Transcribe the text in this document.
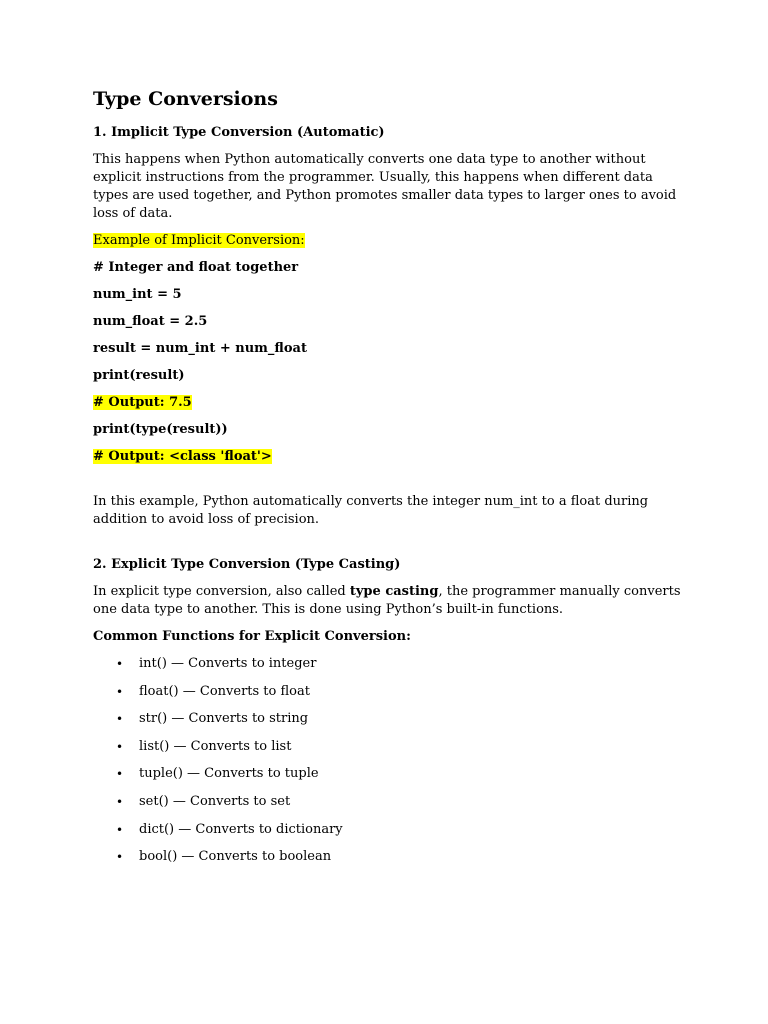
Type Conversions
1. Implicit Type Conversion (Automatic)
This happens when Python automatically converts one data type to another without explicit instructions from the programmer. Usually, this happens when different data types are used together, and Python promotes smaller data types to larger ones to avoid loss of data.
Example of Implicit Conversion:
# Integer and float together
num_int = 5
num_float = 2.5
result = num_int + num_float
print(result)
# Output: 7.5
print(type(result))
# Output: <class 'float'>
In this example, Python automatically converts the integer num_int to a float during addition to avoid loss of precision.
2. Explicit Type Conversion (Type Casting)
In explicit type conversion, also called type casting, the programmer manually converts one data type to another. This is done using Python’s built-in functions.
Common Functions for Explicit Conversion:
• int() — Converts to integer
• float() — Converts to float
• str() — Converts to string
• list() — Converts to list
• tuple() — Converts to tuple
• set() — Converts to set
• dict() — Converts to dictionary
• bool() — Converts to boolean
